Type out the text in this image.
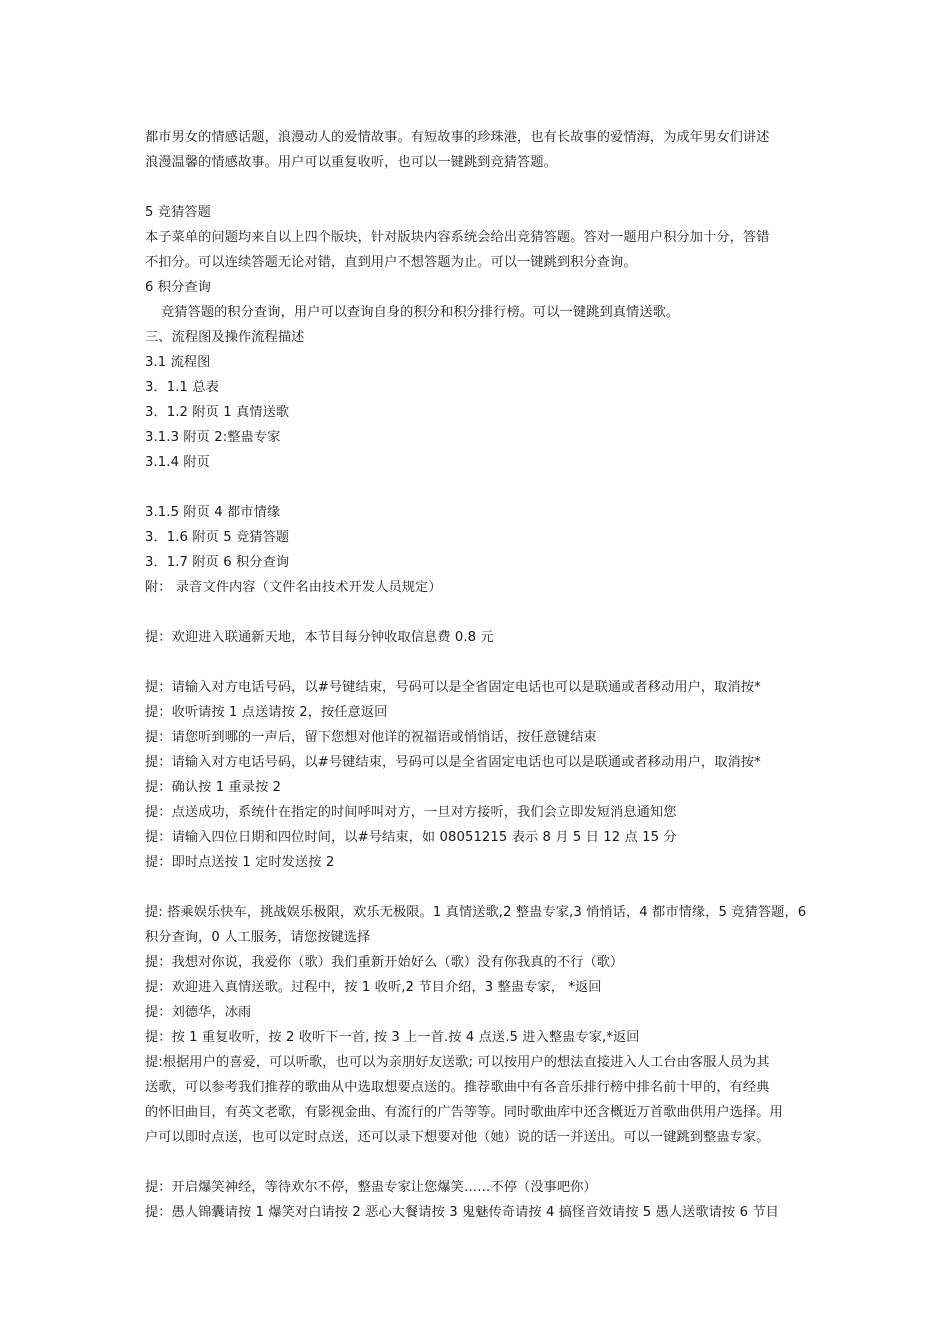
都市男女的情感话题，浪漫动人的爱情故事。有短故事的珍珠港，也有长故事的爱情海，为成年男女们讲述
浪漫温馨的情感故事。用户可以重复收听，也可以一键跳到竞猜答题。
5 竞猜答题
本子菜单的问题均来自以上四个版块，针对版块内容系统会给出竞猜答题。答对一题用户积分加十分，答错
不扣分。可以连续答题无论对错，直到用户不想答题为止。可以一键跳到积分查询。
6 积分查询
竞猜答题的积分查询，用户可以查询自身的积分和积分排行榜。可以一键跳到真情送歌。
三、流程图及操作流程描述
3.1 流程图
3．1.1 总表
3．1.2 附页 1 真情送歌
3.1.3 附页 2:整蛊专家
3.1.4 附页
3.1.5 附页 4 都市情缘
3．1.6 附页 5 竞猜答题
3．1.7 附页 6 积分查询
附： 录音文件内容（文件名由技术开发人员规定）
提：欢迎进入联通新天地，本节目每分钟收取信息费 0.8 元
提：请输入对方电话号码，以#号键结束，号码可以是全省固定电话也可以是联通或者移动用户，取消按*
提：收听请按 1 点送请按 2，按任意返回
提：请您听到哪的一声后，留下您想对他详的祝福语或悄悄话，按任意键结束
提：请输入对方电话号码，以#号键结束，号码可以是全省固定电话也可以是联通或者移动用户，取消按*
提：确认按 1 重录按 2
提：点送成功，系统什在指定的时间呼叫对方，一旦对方接听，我们会立即发短消息通知您
提：请输入四位日期和四位时间，以#号结束，如 08051215 表示 8 月 5 日 12 点 15 分
提：即时点送按 1 定时发送按 2
提: 搭乘娱乐快车，挑战娱乐极限，欢乐无极限。1 真情送歌,2 整蛊专家,3 悄悄话，4 都市情缘，5 竞猜答题，6
积分查询，0 人工服务，请您按键选择
提：我想对你说，我爱你（歌）我们重新开始好么（歌）没有你我真的不行（歌）
提：欢迎进入真情送歌。过程中，按 1 收听,2 节目介绍，3 整蛊专家， *返回
提：刘德华，冰雨
提：按 1 重复收听，按 2 收听下一首, 按 3 上一首.按 4 点送.5 进入整蛊专家,*返回
提:根据用户的喜爱，可以听歌，也可以为亲朋好友送歌; 可以按用户的想法直接进入人工台由客服人员为其
送歌，可以参考我们推荐的歌曲从中选取想要点送的。推荐歌曲中有各音乐排行榜中排名前十甲的，有经典
的怀旧曲目，有英文老歌，有影视金曲、有流行的广告等等。同时歌曲库中还含概近万首歌曲供用户选择。用
户可以即时点送，也可以定时点送，还可以录下想要对他（她）说的话一并送出。可以一键跳到整蛊专家。
提：开启爆笑神经，等待欢尔不停，整蛊专家让您爆笑……不停（没事吧你）
提：愚人锦囊请按 1 爆笑对白请按 2 恶心大餐请按 3 鬼魅传奇请按 4 搞怪音效请按 5 愚人送歌请按 6 节目
